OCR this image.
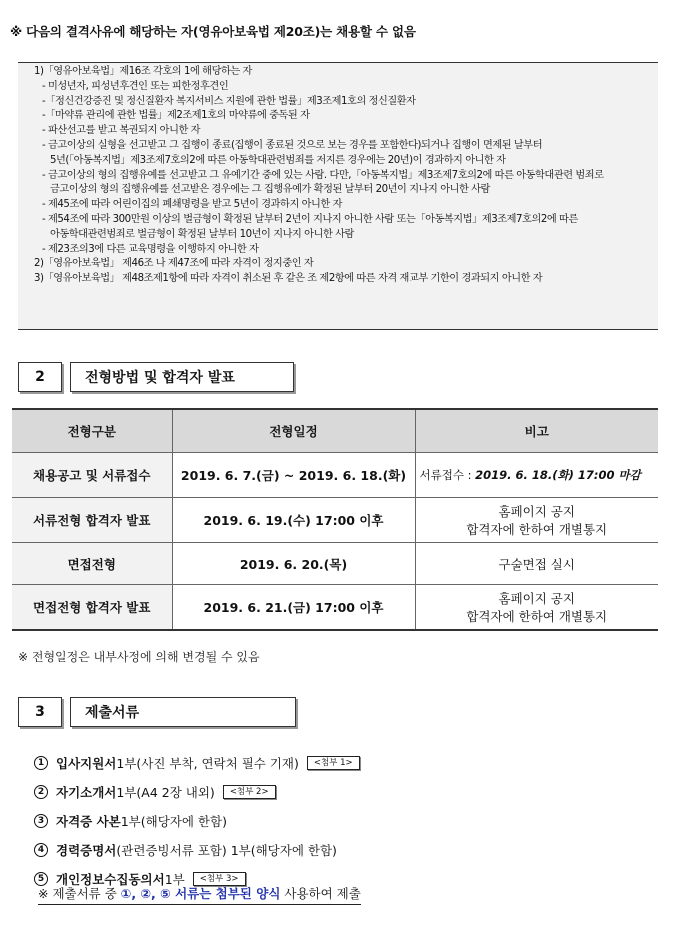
※ 다음의 결격사유에 해당하는 자(영유아보육법 제20조)는 채용할 수 없음
1)「영유아보육법」제16조 각호의 1에 해당하는 자
- 미성년자, 피성년후견인 또는 피한정후견인
-「정신건강증진 및 정신질환자 복지서비스 지원에 관한 법률」제3조제1호의 정신질환자
-「마약류 관리에 관한 법률」제2조제1호의 마약류에 중독된 자
- 파산선고를 받고 복권되지 아니한 자
- 금고이상의 실형을 선고받고 그 집행이 종료(집행이 종료된 것으로 보는 경우를 포함한다)되거나 집행이 면제된 날부터
5년(「아동복지법」제3조제7호의2에 따른 아동학대관련범죄를 저지른 경우에는 20년)이 경과하지 아니한 자
- 금고이상의 형의 집행유예를 선고받고 그 유예기간 중에 있는 사람. 다만,「아동복지법」제3조제7호의2에 따른 아동학대관련 범죄로
금고이상의 형의 집행유예를 선고받은 경우에는 그 집행유예가 확정된 날부터 20년이 지나지 아니한 사람
- 제45조에 따라 어린이집의 폐쇄명령을 받고 5년이 경과하지 아니한 자
- 제54조에 따라 300만원 이상의 벌금형이 확정된 날부터 2년이 지나지 아니한 사람 또는「아동복지법」제3조제7호의2에 따른
아동학대관련범죄로 벌금형이 확정된 날부터 10년이 지나지 아니한 사람
- 제23조의3에 다른 교육명령을 이행하지 아니한 자
2)「영유아보육법」 제46조 나 제47조에 따라 자격이 정지중인 자
3)「영유아보육법」 제48조제1항에 따라 자격이 취소된 후 같은 조 제2항에 따른 자격 재교부 기한이 경과되지 아니한 자
2	전형방법 및 합격자 발표
전형구분	전형일정	비고
채용공고 및 서류접수	2019. 6. 7.(금) ~ 2019. 6. 18.(화)	서류접수 : 2019. 6. 18.(화) 17:00 마감

서류전형 합격자 발표	2019. 6. 19.(수) 17:00 이후	홈페이지 공지
합격자에 한하여 개별통지

면접전형	2019. 6. 20.(목)	구술면접 실시

면접전형 합격자 발표	2019. 6. 21.(금) 17:00 이후	홈페이지 공지
합격자에 한하여 개별통지
※ 전형일정은 내부사정에 의해 변경될 수 있음
3	제출서류
1 입사지원서 1부(사진 부착, 연락처 필수 기재)	<첨부 1>
2 자기소개서 1부(A4 2장 내외)	<첨부 2>
3 자격증 사본 1부(해당자에 한함)
4 경력증명서 (관련증빙서류 포함) 1부(해당자에 한함)
5 개인정보수집동의서 1부	<첨부 3>
※ 제출서류 중 ①, ②, ⑤ 서류는 첨부된 양식 사용하여 제출
